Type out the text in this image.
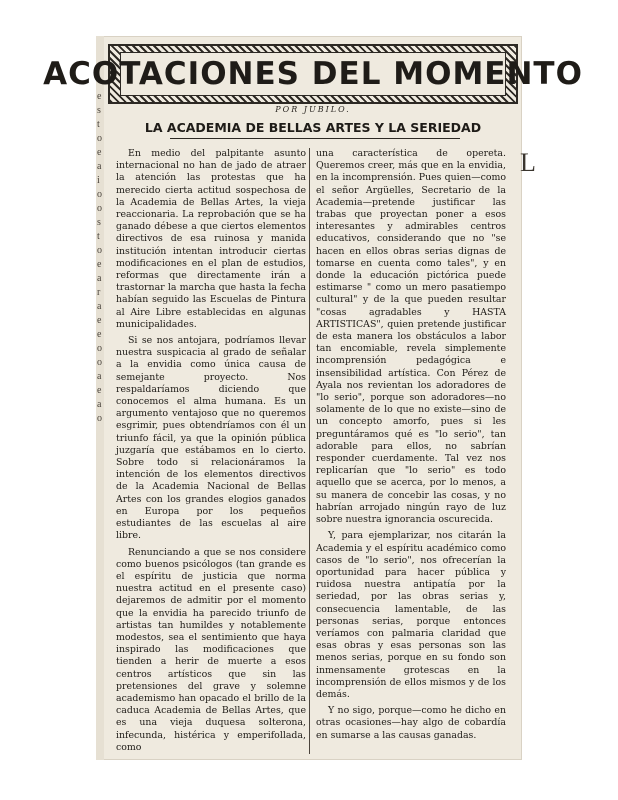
e
s
t
o
e
a
i
o
o
s
t
o
e
a
r
a
e
e
o
o
a
e
a
o
L
ACOTACIONES DEL MOMENTO
POR JUBILO.
LA ACADEMIA DE BELLAS ARTES Y LA SERIEDAD

En medio del palpitante asunto internacional no han de jado de atraer la atención las protestas que ha merecido cierta actitud sospechosa de la Academia de Bellas Artes, la vieja reaccionaria. La reprobación que se ha ganado débese a que ciertos elementos directivos de esa ruinosa y manida institución intentan introducir ciertas modificaciones en el plan de estudios, reformas que directamente irán a trastornar la marcha que hasta la fecha habían seguido las Escuelas de Pintura al Aire Libre establecidas en algunas municipalidades.

Si se nos antojara, podríamos llevar nuestra suspicacia al grado de señalar a la envidia como única causa de semejante proyecto. Nos respaldaríamos diciendo que conocemos el alma humana. Es un argumento ventajoso que no queremos esgrimir, pues obtendríamos con él un triunfo fácil, ya que la opinión pública juzgaría que estábamos en lo cierto. Sobre todo si relacionáramos la intención de los elementos directivos de la Academia Nacional de Bellas Artes con los grandes elogios ganados en Europa por los pequeños estudiantes de las escuelas al aire libre.

Renunciando a que se nos considere como buenos psicólogos (tan grande es el espíritu de justicia que norma nuestra actitud en el presente caso) dejaremos de admitir por el momento que la envidia ha parecido triunfo de artistas tan humildes y notablemente modestos, sea el sentimiento que haya inspirado las modificaciones que tienden a herir de muerte a esos centros artísticos que sin las pretensiones del grave y solemne academismo han opacado el brillo de la caduca Academia de Bellas Artes, que es una vieja duquesa solterona, infecunda, histérica y emperifollada, como

una característica de opereta. Queremos creer, más que en la envidia, en la incomprensión. Pues quien—como el señor Argüelles, Secretario de la Academia—pretende justificar las trabas que proyectan poner a esos interesantes y admirables centros educativos, considerando que no "se hacen en ellos obras serias dignas de tomarse en cuenta como tales", y en donde la educación pictórica puede estimarse " como un mero pasatiempo cultural" y de la que pueden resultar "cosas agradables y HASTA ARTISTICAS", quien pretende justificar de esta manera los obstáculos a labor tan encomiable, revela simplemente incomprensión pedagógica e insensibilidad artística. Con Pérez de Ayala nos revientan los adoradores de "lo serio", porque son adoradores—no solamente de lo que no existe—sino de un concepto amorfo, pues si les preguntáramos qué es "lo serio", tan adorable para ellos, no sabrían responder cuerdamente. Tal vez nos replicarían que "lo serio" es todo aquello que se acerca, por lo menos, a su manera de concebir las cosas, y no habrían arrojado ningún rayo de luz sobre nuestra ignorancia oscurecida.

Y, para ejemplarizar, nos citarán la Academia y el espíritu académico como casos de "lo serio", nos ofrecerían la oportunidad para hacer pública y ruidosa nuestra antipatía por la seriedad, por las obras serias y, consecuencia lamentable, de las personas serias, porque entonces veríamos con palmaria claridad que esas obras y esas personas son las menos serias, porque en su fondo son inmensamente grotescas en la incomprensión de ellos mismos y de los demás.

Y no sigo, porque—como he dicho en otras ocasiones—hay algo de cobardía en sumarse a las causas ganadas.
